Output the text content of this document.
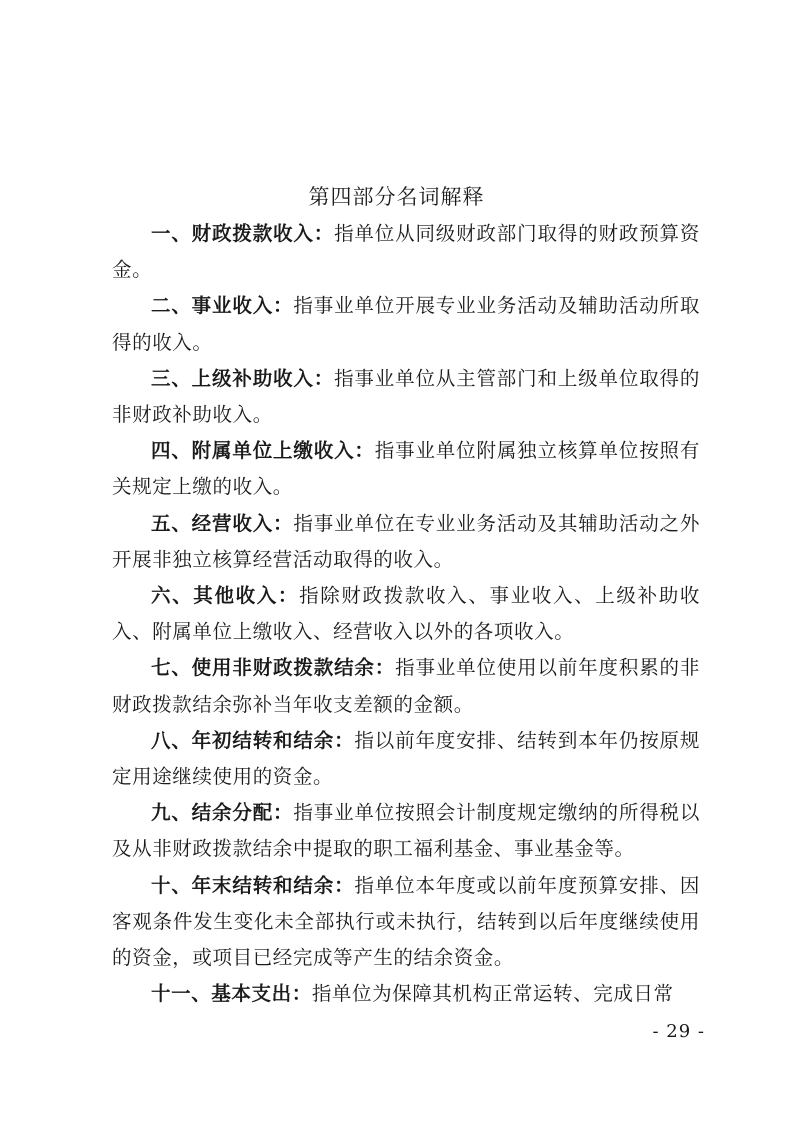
第四部分名词解释

一、财政拨款收入：指单位从同级财政部门取得的财政预算资金。

二、事业收入：指事业单位开展专业业务活动及辅助活动所取得的收入。

三、上级补助收入：指事业单位从主管部门和上级单位取得的非财政补助收入。

四、附属单位上缴收入：指事业单位附属独立核算单位按照有关规定上缴的收入。

五、经营收入：指事业单位在专业业务活动及其辅助活动之外开展非独立核算经营活动取得的收入。

六、其他收入：指除财政拨款收入、事业收入、上级补助收入、附属单位上缴收入、经营收入以外的各项收入。

七、使用非财政拨款结余：指事业单位使用以前年度积累的非财政拨款结余弥补当年收支差额的金额。

八、年初结转和结余：指以前年度安排、结转到本年仍按原规定用途继续使用的资金。

九、结余分配：指事业单位按照会计制度规定缴纳的所得税以及从非财政拨款结余中提取的职工福利基金、事业基金等。

十、年末结转和结余：指单位本年度或以前年度预算安排、因客观条件发生变化未全部执行或未执行，结转到以后年度继续使用的资金，或项目已经完成等产生的结余资金。

十一、基本支出：指单位为保障其机构正常运转、完成日常

- 29 -
